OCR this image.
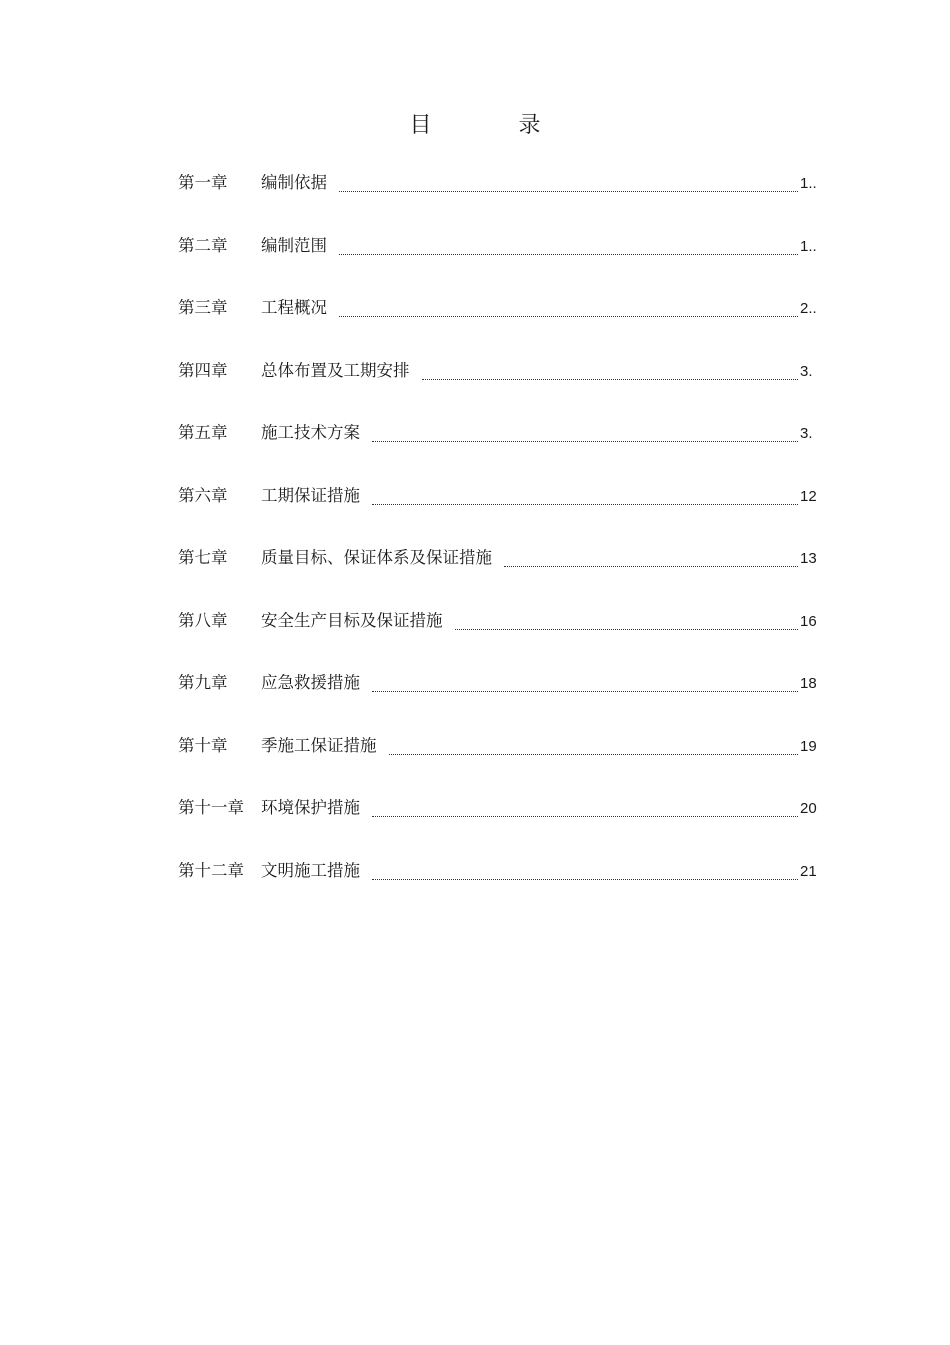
目 录
第一章	编制依据	1..
第二章	编制范围	1..
第三章	工程概况	2..
第四章	总体布置及工期安排	3.
第五章	施工技术方案	3.
第六章	工期保证措施	12
第七章	质量目标、保证体系及保证措施	13
第八章	安全生产目标及保证措施	16
第九章	应急救援措施	18
第十章	季施工保证措施	19
第十一章	环境保护措施	20
第十二章	文明施工措施	21
